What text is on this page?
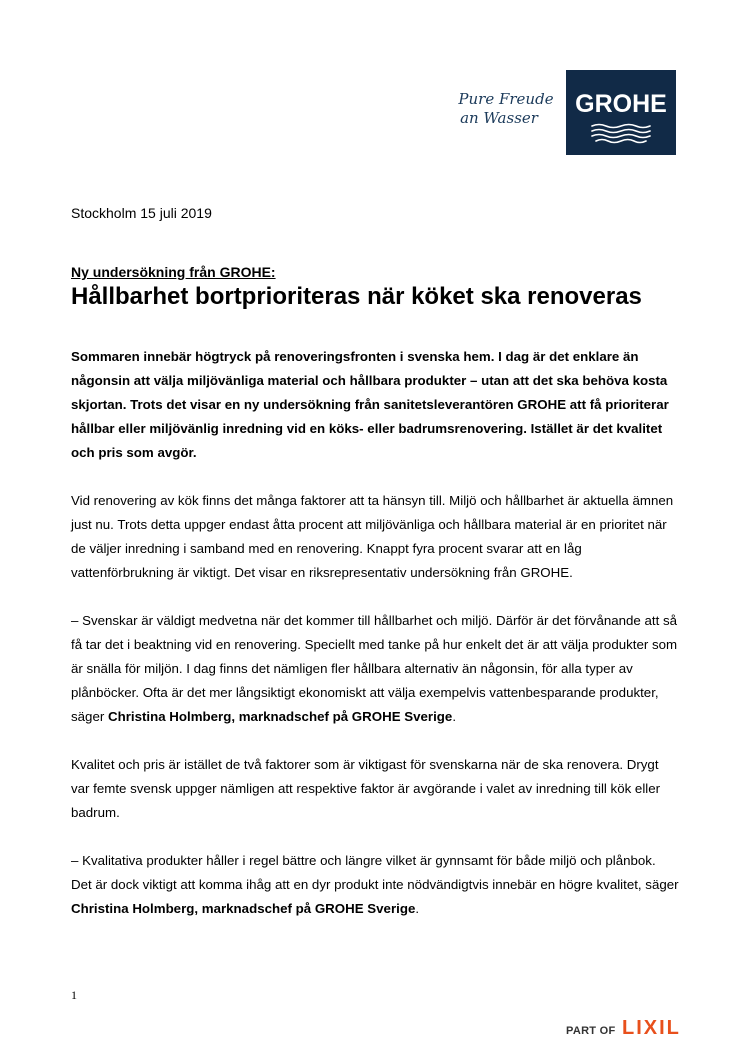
Pure Freude
an Wasser	GROHE
Stockholm 15 juli 2019
Ny undersökning från GROHE:
Hållbarhet bortprioriteras när köket ska renoveras

Sommaren innebär högtryck på renoveringsfronten i svenska hem. I dag är det enklare än någonsin att välja miljövänliga material och hållbara produkter – utan att det ska behöva kosta skjortan. Trots det visar en ny undersökning från sanitetsleverantören GROHE att få prioriterar hållbar eller miljövänlig inredning vid en köks- eller badrumsrenovering. Istället är det kvalitet och pris som avgör.

Vid renovering av kök finns det många faktorer att ta hänsyn till. Miljö och hållbarhet är aktuella ämnen just nu. Trots detta uppger endast åtta procent att miljövänliga och hållbara material är en prioritet när de väljer inredning i samband med en renovering. Knappt fyra procent svarar att en låg vattenförbrukning är viktigt. Det visar en riksrepresentativ undersökning från GROHE.

– Svenskar är väldigt medvetna när det kommer till hållbarhet och miljö. Därför är det förvånande att så få tar det i beaktning vid en renovering. Speciellt med tanke på hur enkelt det är att välja produkter som är snälla för miljön. I dag finns det nämligen fler hållbara alternativ än någonsin, för alla typer av plånböcker. Ofta är det mer långsiktigt ekonomiskt att välja exempelvis vattenbesparande produkter, säger Christina Holmberg, marknadschef på GROHE Sverige.

Kvalitet och pris är istället de två faktorer som är viktigast för svenskarna när de ska renovera. Drygt var femte svensk uppger nämligen att respektive faktor är avgörande i valet av inredning till kök eller badrum.

– Kvalitativa produkter håller i regel bättre och längre vilket är gynnsamt för både miljö och plånbok. Det är dock viktigt att komma ihåg att en dyr produkt inte nödvändigtvis innebär en högre kvalitet, säger Christina Holmberg, marknadschef på GROHE Sverige.

1
PART OF LIXIL
